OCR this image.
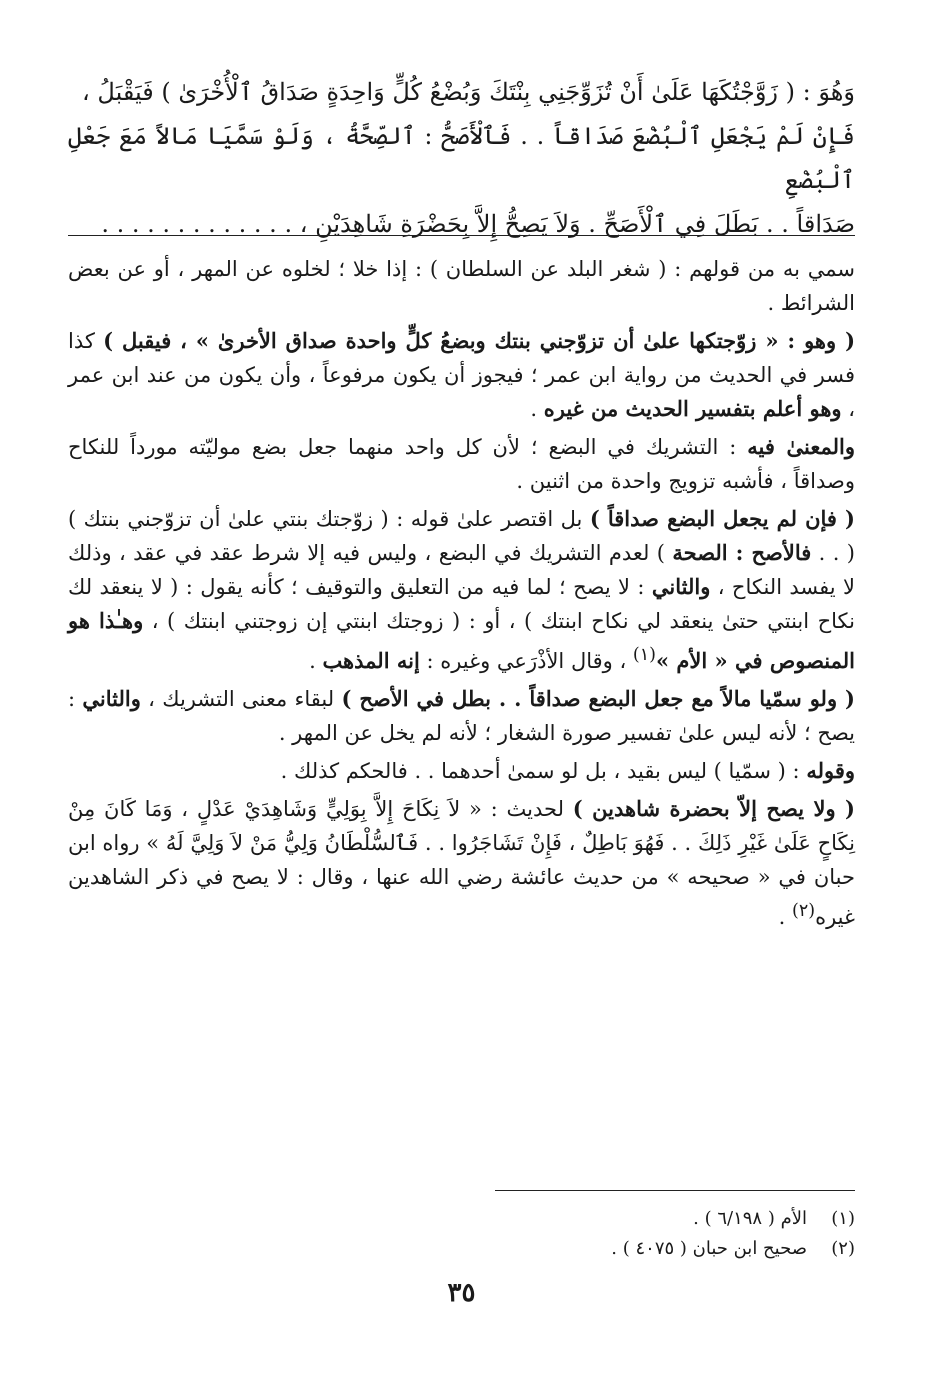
وَهُوَ : ( زَوَّجْتُكَهَا عَلَىٰ أَنْ تُزَوِّجَنِي بِنْتَكَ وَبُضْعُ كُلٍّ وَاحِدَةٍ صَدَاقُ ٱلْأُخْرَىٰ ) فَيَقْبَلُ ،

فَإِنْ لَمْ يَجْعَلِ ٱلْبُضْعَ صَدَاقاً . . فَٱلْأَصَحُّ : ٱلصِّحَّةُ ، وَلَوْ سَمَّيَا مَالاً مَعَ جَعْلِ ٱلْبُضْعِ

صَدَاقاً . . بَطَلَ فِي ٱلْأَصَحِّ . وَلاَ يَصِحُّ إِلاَّ بِحَضْرَةِ شَاهِدَيْنِ ، . . . . . . . . . . . . .

سمي به من قولهم : ( شغر البلد عن السلطان ) : إذا خلا ؛ لخلوه عن المهر ، أو عن بعض الشرائط .

( وهو : « زوّجتكها علىٰ أن تزوّجني بنتك وبضعُ كلٍّ واحدة صداق الأخرىٰ » ، فيقبل ) كذا فسر في الحديث من رواية ابن عمر ؛ فيجوز أن يكون مرفوعاً ، وأن يكون من عند ابن عمر ، وهو أعلم بتفسير الحديث من غيره .

والمعنىٰ فيه : التشريك في البضع ؛ لأن كل واحد منهما جعل بضع موليّته مورداً للنكاح وصداقاً ، فأشبه تزويج واحدة من اثنين .

( فإن لم يجعل البضع صداقاً ) بل اقتصر علىٰ قوله : ( زوّجتك بنتي علىٰ أن تزوّجني بنتك ) ( . . فالأصح : الصحة ) لعدم التشريك في البضع ، وليس فيه إلا شرط عقد في عقد ، وذلك لا يفسد النكاح ، والثاني : لا يصح ؛ لما فيه من التعليق والتوقيف ؛ كأنه يقول : ( لا ينعقد لك نكاح ابنتي حتىٰ ينعقد لي نكاح ابنتك ) ، أو : ( زوجتك ابنتي إن زوجتني ابنتك ) ، وهـٰذا هو المنصوص في « الأم »$^{(١)}$ ، وقال الأذْرَعي وغيره : إنه المذهب .

( ولو سمّيا مالاً مع جعل البضع صداقاً . . بطل في الأصح ) لبقاء معنى التشريك ، والثاني : يصح ؛ لأنه ليس علىٰ تفسير صورة الشغار ؛ لأنه لم يخل عن المهر .

وقوله : ( سمّيا ) ليس بقيد ، بل لو سمىٰ أحدهما . . فالحكم كذلك .

( ولا يصح إلاّ بحضرة شاهدين ) لحديث : « لاَ نِكَاحَ إِلاَّ بِوَلِيٍّ وَشَاهِدَيْ عَدْلٍ ، وَمَا كَانَ مِنْ نِكَاحٍ عَلَىٰ غَيْرِ ذَلِكَ . . فَهُوَ بَاطِلٌ ، فَإِنْ تَشَاجَرُوا . . فَٱلسُّلْطَانُ وَلِيُّ مَنْ لاَ وَلِيَّ لَهُ » رواه ابن حبان في « صحيحه » من حديث عائشة رضي الله عنها ، وقال : لا يصح في ذكر الشاهدين غيره$^{(٢)}$ .

(١)الأم ( ٦/١٩٨ ) .
(٢)صحيح ابن حبان ( ٤٠٧٥ ) .
٣٥
